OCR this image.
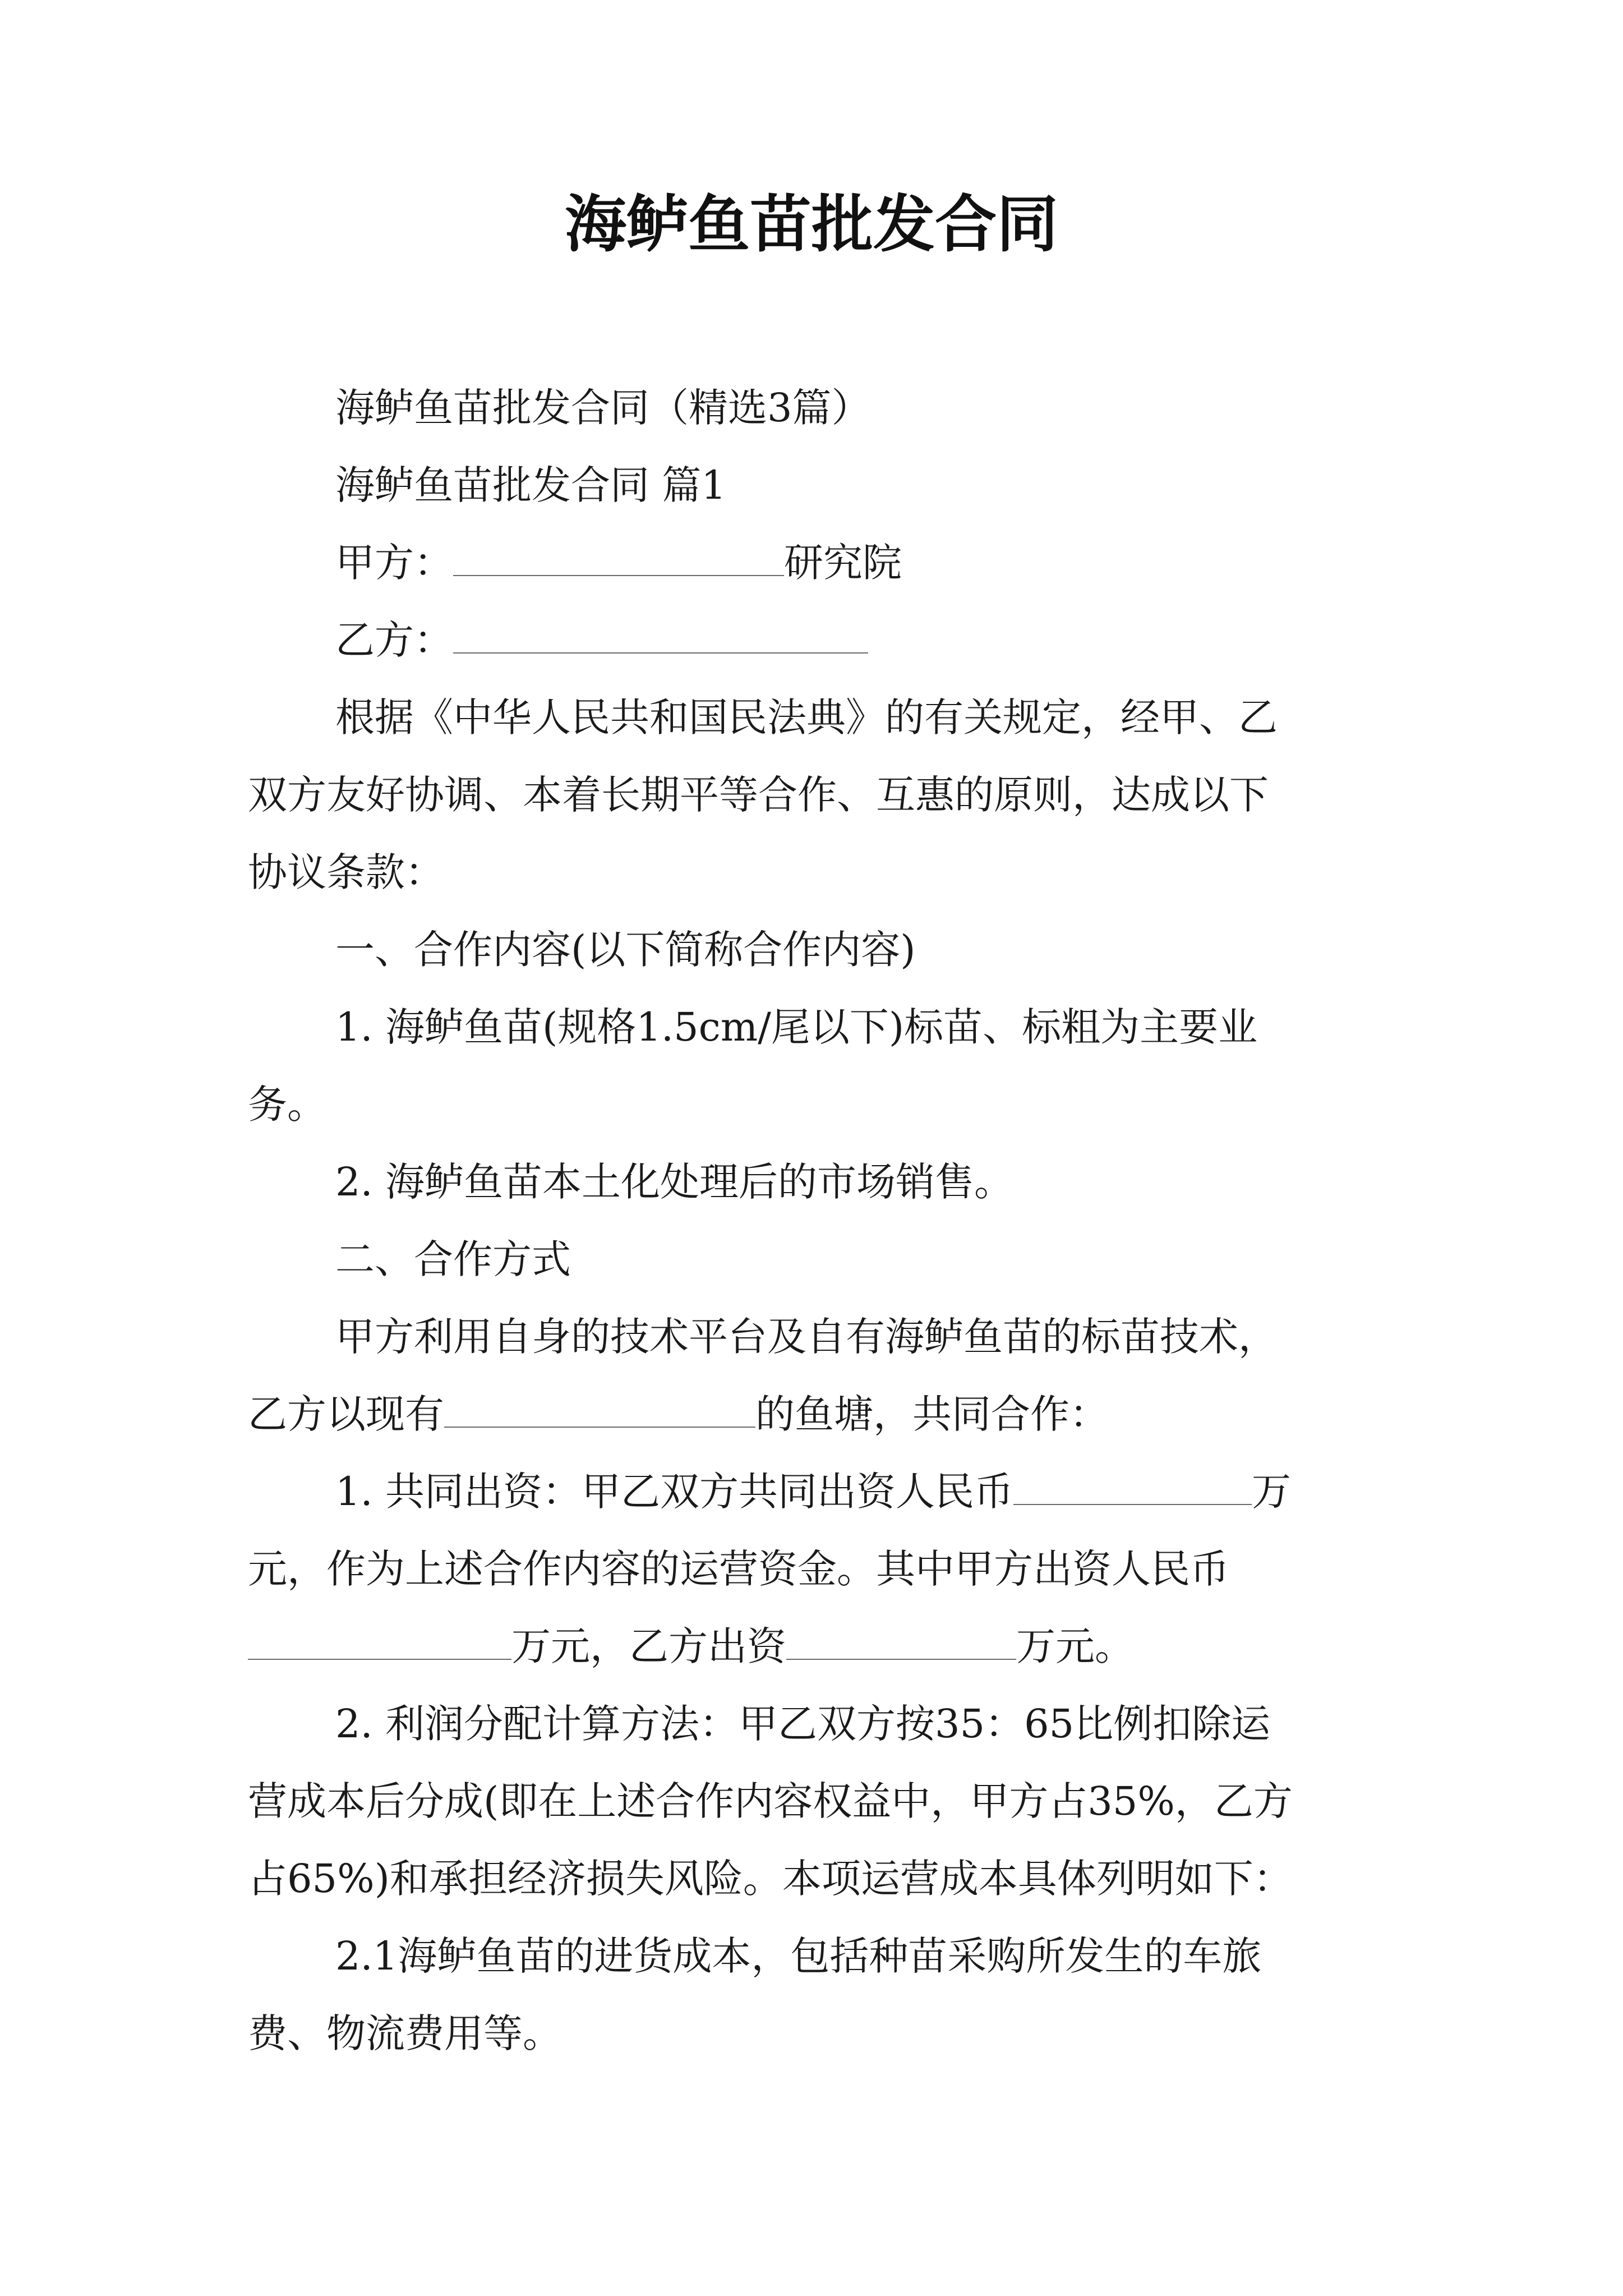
海鲈鱼苗批发合同
海鲈鱼苗批发合同（精选3篇）
海鲈鱼苗批发合同 篇1
甲方：	研究院
乙方：
根据《中华人民共和国民法典》的有关规定，经甲、乙
双方友好协调、本着长期平等合作、互惠的原则，达成以下
协议条款：
一、合作内容(以下简称合作内容)
1. 海鲈鱼苗(规格1.5cm/尾以下)标苗、标粗为主要业
务。
2. 海鲈鱼苗本土化处理后的市场销售。
二、合作方式
甲方利用自身的技术平台及自有海鲈鱼苗的标苗技术，
乙方以现有	的鱼塘，共同合作：
1. 共同出资：甲乙双方共同出资人民币	万
元，作为上述合作内容的运营资金。其中甲方出资人民币
万元，乙方出资	万元。
2. 利润分配计算方法：甲乙双方按35：65比例扣除运
营成本后分成(即在上述合作内容权益中，甲方占35%，乙方
占65%)和承担经济损失风险。本项运营成本具体列明如下：
2.1海鲈鱼苗的进货成本，包括种苗采购所发生的车旅
费、物流费用等。
